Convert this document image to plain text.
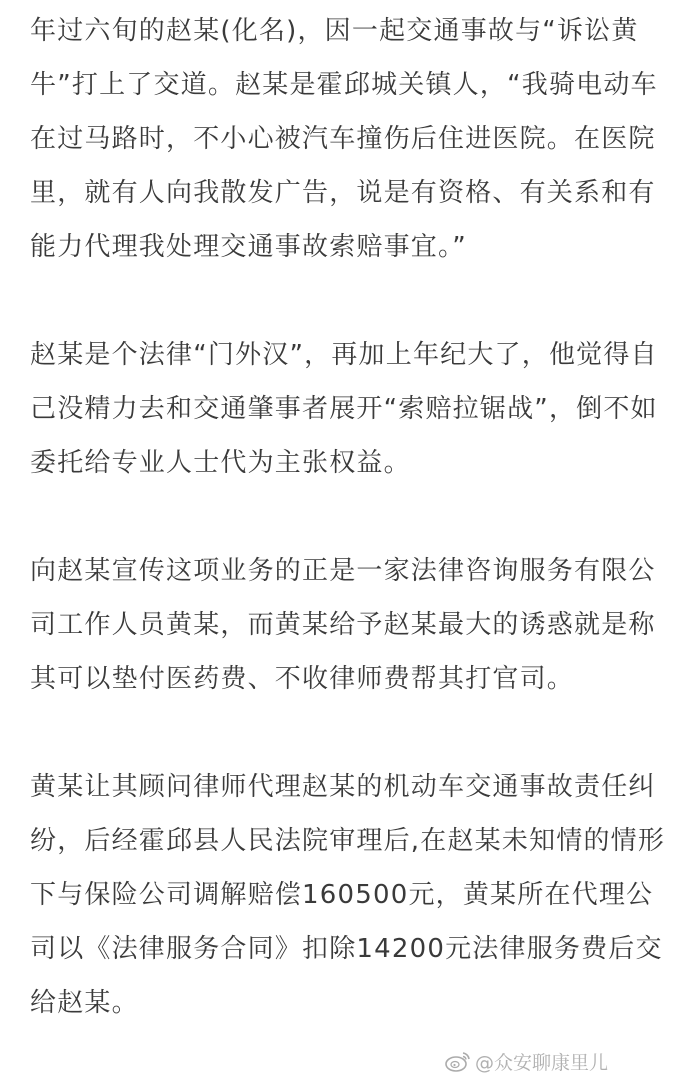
年过六旬的赵某(化名)，因一起交通事故与“诉讼黄
牛”打上了交道。赵某是霍邱城关镇人，“我骑电动车
在过马路时，不小心被汽车撞伤后住进医院。在医院
里，就有人向我散发广告，说是有资格、有关系和有
能力代理我处理交通事故索赔事宜。”
赵某是个法律“门外汉”，再加上年纪大了，他觉得自
己没精力去和交通肇事者展开“索赔拉锯战”，倒不如
委托给专业人士代为主张权益。
向赵某宣传这项业务的正是一家法律咨询服务有限公
司工作人员黄某，而黄某给予赵某最大的诱惑就是称
其可以垫付医药费、不收律师费帮其打官司。
黄某让其顾问律师代理赵某的机动车交通事故责任纠
纷，后经霍邱县人民法院审理后,在赵某未知情的情形
下与保险公司调解赔偿160500元，黄某所在代理公
司以《法律服务合同》扣除14200元法律服务费后交
给赵某。
@众安聊康里儿
